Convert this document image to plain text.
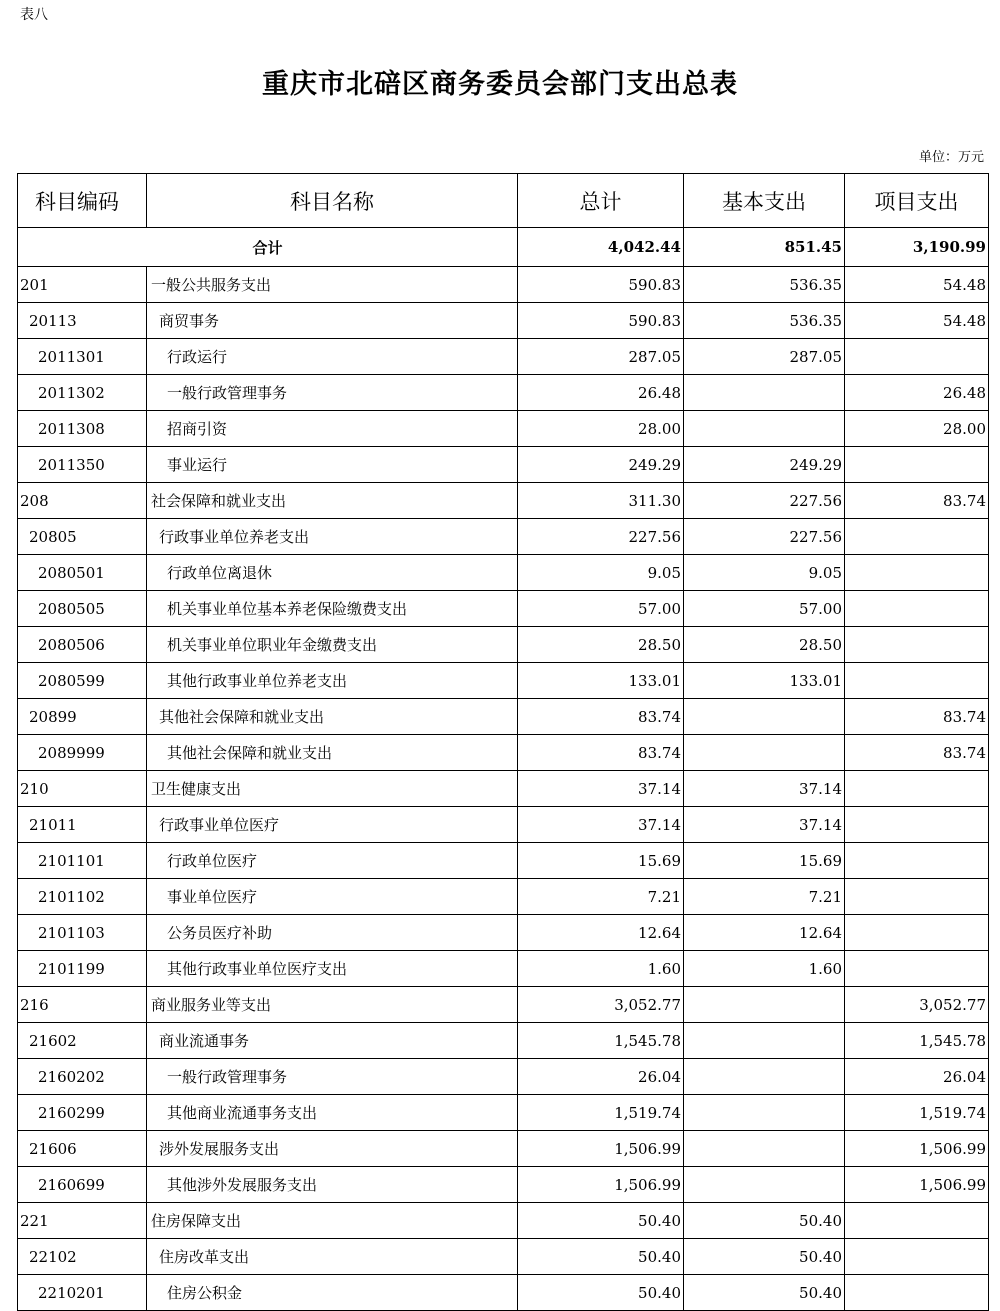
表八
重庆市北碚区商务委员会部门支出总表
单位：万元
科目编码	科目名称	总计	基本支出	项目支出
合计		4,042.44	851.45	3,190.99
201	一般公共服务支出	590.83	536.35	54.48
20113	商贸事务	590.83	536.35	54.48
2011301	行政运行	287.05	287.05	
2011302	一般行政管理事务	26.48		26.48
2011308	招商引资	28.00		28.00
2011350	事业运行	249.29	249.29	
208	社会保障和就业支出	311.30	227.56	83.74
20805	行政事业单位养老支出	227.56	227.56	
2080501	行政单位离退休	9.05	9.05	
2080505	机关事业单位基本养老保险缴费支出	57.00	57.00	
2080506	机关事业单位职业年金缴费支出	28.50	28.50	
2080599	其他行政事业单位养老支出	133.01	133.01	
20899	其他社会保障和就业支出	83.74		83.74
2089999	其他社会保障和就业支出	83.74		83.74
210	卫生健康支出	37.14	37.14	
21011	行政事业单位医疗	37.14	37.14	
2101101	行政单位医疗	15.69	15.69	
2101102	事业单位医疗	7.21	7.21	
2101103	公务员医疗补助	12.64	12.64	
2101199	其他行政事业单位医疗支出	1.60	1.60	
216	商业服务业等支出	3,052.77		3,052.77
21602	商业流通事务	1,545.78		1,545.78
2160202	一般行政管理事务	26.04		26.04
2160299	其他商业流通事务支出	1,519.74		1,519.74
21606	涉外发展服务支出	1,506.99		1,506.99
2160699	其他涉外发展服务支出	1,506.99		1,506.99
221	住房保障支出	50.40	50.40	
22102	住房改革支出	50.40	50.40	
2210201	住房公积金	50.40	50.40	
